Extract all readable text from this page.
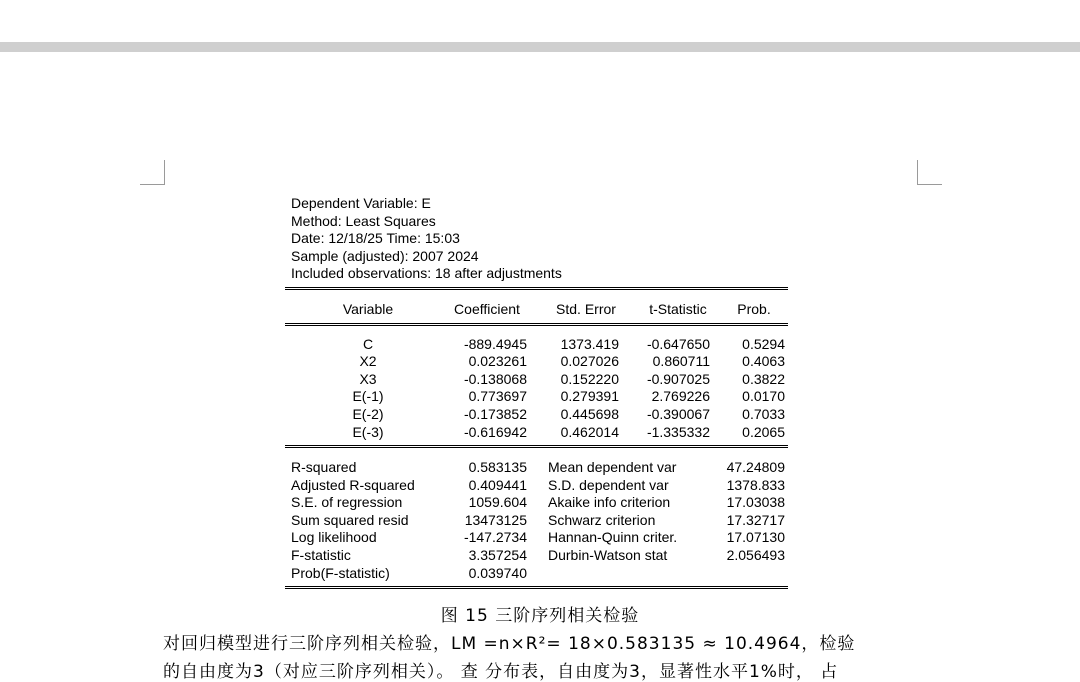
Dependent Variable: E
Method: Least Squares
Date: 12/18/25 Time: 15:03
Sample (adjusted): 2007 2024
Included observations: 18 after adjustments
Variable	Coefficient	Std. Error	t-Statistic	Prob.
C	-889.4945	1373.419	-0.647650	0.5294
X2	0.023261	0.027026	0.860711	0.4063
X3	-0.138068	0.152220	-0.907025	0.3822
E(-1)	0.773697	0.279391	2.769226	0.0170
E(-2)	-0.173852	0.445698	-0.390067	0.7033
E(-3)	-0.616942	0.462014	-1.335332	0.2065
R-squared	0.583135 Mean dependent var	47.24809
Adjusted R-squared	0.409441 S.D. dependent var	1378.833
S.E. of regression	1059.604 Akaike info criterion	17.03038
Sum squared resid	13473125 Schwarz criterion	17.32717
Log likelihood	-147.2734 Hannan-Quinn criter.	17.07130
F-statistic	3.357254 Durbin-Watson stat	2.056493
Prob(F-statistic)	0.039740
图 15 三阶序列相关检验
对回归模型进行三阶序列相关检验，LM =n×R²= 18×0.583135 ≈ 10.4964，检验
的自由度为3（对应三阶序列相关）。 查 分布表，自由度为3，显著性水平1%时， 占
